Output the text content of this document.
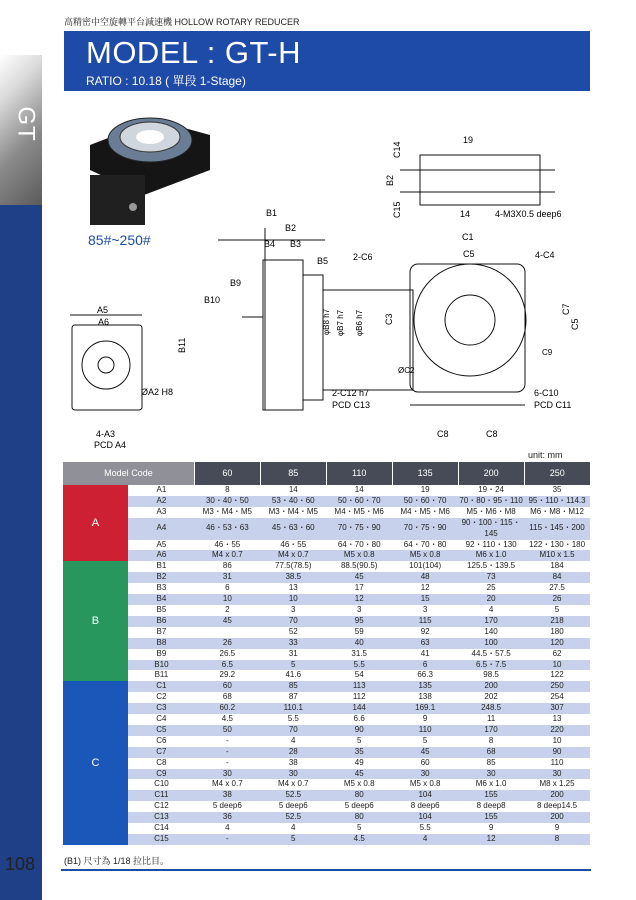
GT
高精密中空旋轉平台減速機 HOLLOW ROTARY REDUCER
MODEL : GT-H
RATIO : 10.18 ( 單段 1-Stage)
85#~250#
B1
B2
B4 B3
B5
B9
B10
B11
φB8 h7 φB7 h7 φB6 h7
A5
A6
ØA2 H8
4-A3
PCD A4
C14
B2
C15
19
14	4-M3X0.5 deep6
C1
C5
2-C6	4-C4
C3
C7
C5
C9
ØC2
2-C12 h7
PCD C13
6-C10
PCD C11
C8	C8
unit: mm
Model Code		60	85	110	135	200	250
A	A1	8	14	14	19	19・24	35
	A2	30・40・50	53・40・60	50・60・70	50・60・70	70・80・95・110	95・110・114.3
	A3	M3・M4・M5	M3・M4・M5	M4・M5・M6	M4・M5・M6	M5・M6・M8	M6・M8・M12
	A4	46・53・63	45・63・60	70・75・90	70・75・90	90・100・115・145	115・145・200
	A5	46・55	46・55	64・70・80	64・70・80	92・110・130	122・130・180
	A6	M4 x 0.7	M4 x 0.7	M5 x 0.8	M5 x 0.8	M6 x 1.0	M10 x 1.5
B	B1	86	77.5(78.5)	88.5(90.5)	101(104)	125.5・139.5	184
	B2	31	38.5	45	48	73	84
	B3	6	13	17	12	25	27.5
	B4	10	10	12	15	20	26
	B5	2	3	3	3	4	5
	B6	45	70	95	115	170	218
	B7		52	59	92	140	180
	B8	26	33	40	63	100	120
	B9	26.5	31	31.5	41	44.5・57.5	62
	B10	6.5	5	5.5	6	6.5・7.5	10
	B11	29.2	41.6	54	66.3	98.5	122
C	C1	60	85	113	135	200	250
	C2	68	87	112	138	202	254
	C3	60.2	110.1	144	169.1	248.5	307
	C4	4.5	5.5	6.6	9	11	13
	C5	50	70	90	110	170	220
	C6	-	4	5	5	8	10
	C7	-	28	35	45	68	90
	C8	-	38	49	60	85	110
	C9	30	30	45	30	30	30
	C10	M4 x 0.7	M4 x 0.7	M5 x 0.8	M5 x 0.8	M6 x 1.0	M8 x 1.25
	C11	38	52.5	80	104	155	200
	C12	5 deep6	5 deep6	5 deep6	8 deep6	8 deep8	8 deep14.5
	C13	36	52.5	80	104	155	200
	C14	4	4	5	5.5	9	9
	C15	-	5	4.5	4	12	8
108	(B1) 尺寸為 1/18 拉比目。
